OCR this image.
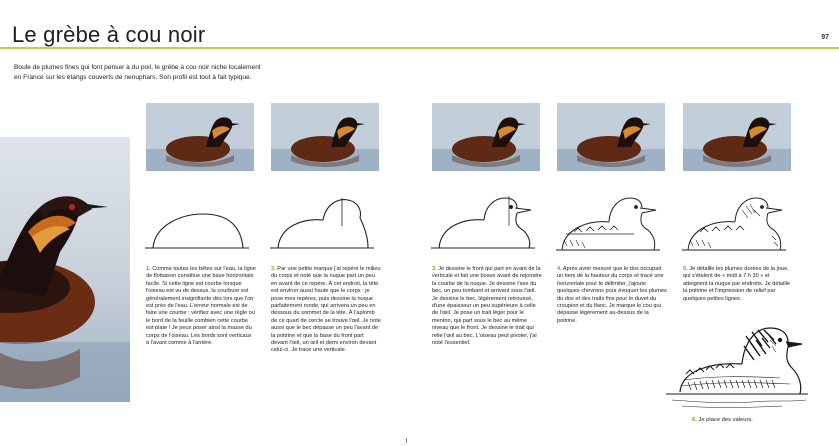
Le grèbe à cou noir	97
Boule de plumes fines qui font penser à du poil, le grèbe à cou noir niche localement en France sur les étangs couverts de nenuphars. Son profil est tout à fait typique.
1. Comme toutes les bêtes sur l'eau, la ligne de flottaison constitue une base horizontale facile. Si cette ligne est courbe lorsque l'oiseau est vu de dessus, la courbure est généralement insignifiante dès lors que l'on est près de l'eau. L'erreur normale est de faire une courbe : vérifiez avec une règle ou le bord de la feuille combien cette courbe est plate ! Je peux poser ainsi la masse du corps de l'oiseau. Les bords sont verticaux à l'avant comme à l'arrière.
2. Par une petite marque j'ai repéré le milieu du corps et noté que la nuque part un peu en avant de ce repère. À cet endroit, la tête est environ aussi haute que le corps : je pose mes repères, puis dessine la nuque parfaitement ronde, qui arrivera un peu en dessous du sommet de la tête. À l'aplomb de ce quart de cercle se trouve l'œil. Je note aussi que le bec dépasse un peu l'avant de la poitrine et que la base du front part devant l'œil, un œil et demi environ devant celui-ci. Je trace une verticale.
3. Je dessine le front qui part en avant de la verticale et fait une bosse avant de rejoindre la courbe de la nuque. Je dessine l'axe du bec, un peu tombant et arrivant sous l'œil. Je dessine le bec, légèrement retroussé, d'une épaisseur un peu supérieure à celle de l'œil. Je pose un trait léger pour le menton, qui part sous le bec au même niveau que le front. Je dessine le trait qui relie l'œil au bec. L'oiseau peut pivoter, j'ai noté l'essentiel.
4. Après avoir mesuré que le dos occupait un tiers de la hauteur du corps et tracé une horizontale pour le délimiter, j'ajoute quelques chevrons pour évoquer les plumes du dos et des traits fins pour le duvet du croupion et du flanc. Je marque le cou qui dépasse légèrement au-dessus de la poitrine.
5. Je détaille les plumes dorées de la joue, qui s'étalent de « midi à 7 h 30 » et atteignent la nuque par endroits. Je détaille la poitrine et l'impression de relief par quelques petites lignes.
6. Je place des valeurs.
